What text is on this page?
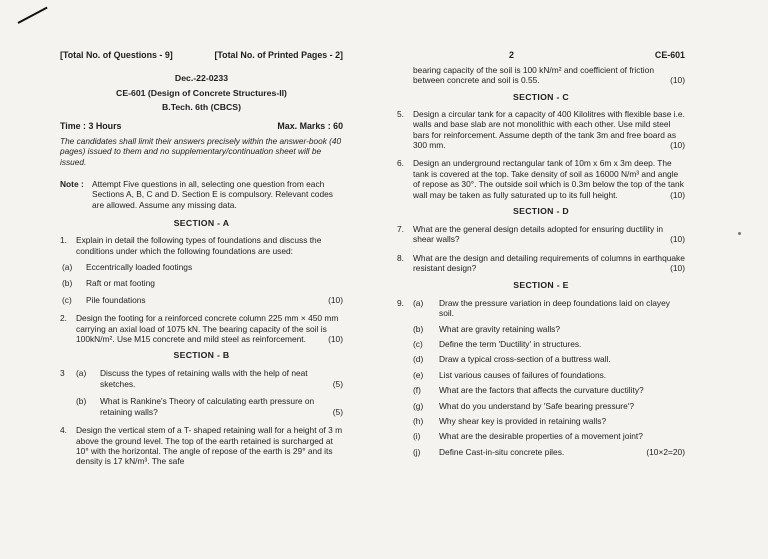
[Total No. of Questions - 9]	[Total No. of Printed Pages - 2]
Dec.-22-0233
CE-601 (Design of Concrete Structures-II)
B.Tech. 6th (CBCS)
Time : 3 Hours	Max. Marks : 60
The candidates shall limit their answers precisely within the answer-book (40 pages) issued to them and no supplementary/continuation sheet will be issued.
Note : Attempt Five questions in all, selecting one question from each Sections A, B, C and D. Section E is compulsory. Relevant codes are allowed. Assume any missing data.
SECTION - A
1. Explain in detail the following types of foundations and discuss the conditions under which the following foundations are used:
(a) Eccentrically loaded footings
(b) Raft or mat footing
(c) Pile foundations	(10)
2. Design the footing for a reinforced concrete column 225 mm × 450 mm carrying an axial load of 1075 kN. The bearing capacity of the soil is 100kN/m². Use M15 concrete and mild steel as reinforcement.	(10)
SECTION - B
3 (a) Discuss the types of retaining walls with the help of neat sketches.	(5)
(b) What is Rankine's Theory of calculating earth pressure on retaining walls?	(5)
4. Design the vertical stem of a T- shaped retaining wall for a height of 3 m above the ground level. The top of the earth retained is surcharged at 10° with the horizontal. The angle of repose of the earth is 29° and its density is 17 kN/m³. The safe
2	CE-601
bearing capacity of the soil is 100 kN/m² and coefficient of friction between concrete and soil is 0.55.	(10)
SECTION - C
5. Design a circular tank for a capacity of 400 Kilolitres with flexible base i.e. walls and base slab are not monolithic with each other. Use mild steel bars for reinforcement. Assume depth of the tank 3m and free board as 300 mm.	(10)
6. Design an underground rectangular tank of 10m x 6m x 3m deep. The tank is covered at the top. Take density of soil as 16000 N/m³ and angle of repose as 30°. The outside soil which is 0.3m below the top of the tank wall may be taken as fully saturated up to its full height.	(10)
SECTION - D
7. What are the general design details adopted for ensuring ductility in shear walls?	(10)
8. What are the design and detailing requirements of columns in earthquake resistant design?	(10)
SECTION - E
9. (a) Draw the pressure variation in deep foundations laid on clayey soil.
(b) What are gravity retaining walls?
(c) Define the term 'Ductility' in structures.
(d) Draw a typical cross-section of a buttress wall.
(e) List various causes of failures of foundations.
(f) What are the factors that affects the curvature ductility?
(g) What do you understand by 'Safe bearing pressure'?
(h) Why shear key is provided in retaining walls?
(i) What are the desirable properties of a movement joint?
(j) Define Cast-in-situ concrete piles.	(10×2=20)
